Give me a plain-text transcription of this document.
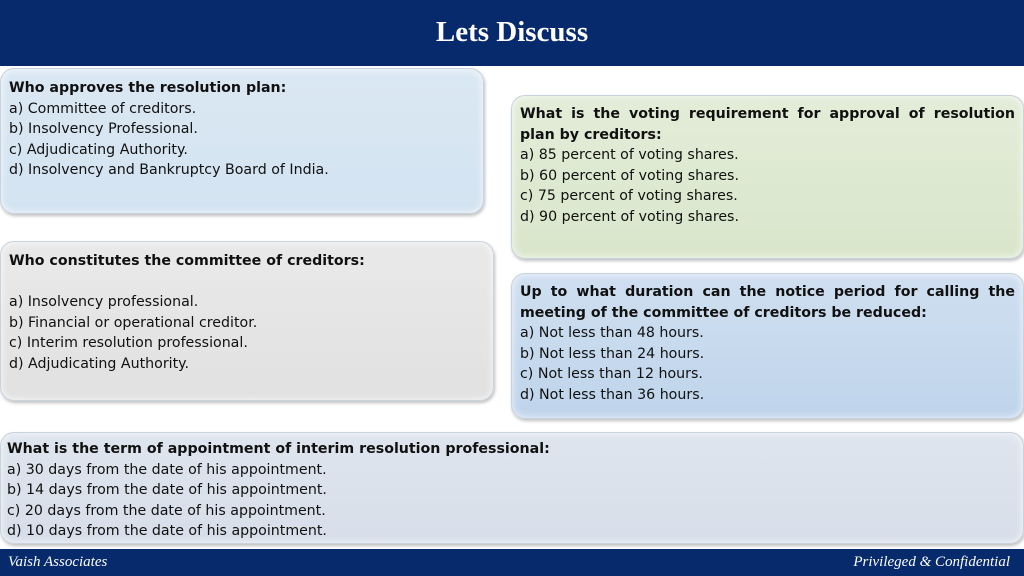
Lets Discuss
Who approves the resolution plan:
a) Committee of creditors.
b) Insolvency Professional.
c) Adjudicating Authority.
d) Insolvency and Bankruptcy Board of India.
Who constitutes the committee of creditors:
a) Insolvency professional.
b) Financial or operational creditor.
c) Interim resolution professional.
d) Adjudicating Authority.
What is the voting requirement for approval of resolution plan by creditors:
a) 85 percent of voting shares.
b) 60 percent of voting shares.
c) 75 percent of voting shares.
d) 90 percent of voting shares.
Up to what duration can the notice period for calling the meeting of the committee of creditors be reduced:
a) Not less than 48 hours.
b) Not less than 24 hours.
c) Not less than 12 hours.
d) Not less than 36 hours.
What is the term of appointment of interim resolution professional:
a) 30 days from the date of his appointment.
b) 14 days from the date of his appointment.
c) 20 days from the date of his appointment.
d) 10 days from the date of his appointment.
Vaish Associates	Privileged & Confidential
